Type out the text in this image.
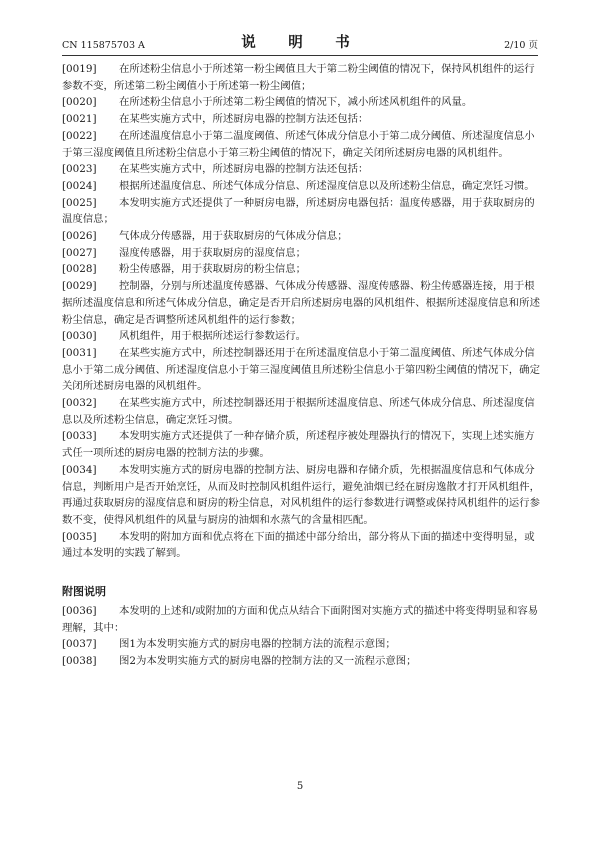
CN 115875703 A	说　明　书	2/10 页
[0019] 在所述粉尘信息小于所述第一粉尘阈值且大于第二粉尘阈值的情况下，保持风机组件的运行参数不变，所述第二粉尘阈值小于所述第一粉尘阈值；
[0020] 在所述粉尘信息小于所述第二粉尘阈值的情况下，减小所述风机组件的风量。
[0021] 在某些实施方式中，所述厨房电器的控制方法还包括：
[0022] 在所述温度信息小于第二温度阈值、所述气体成分信息小于第二成分阈值、所述湿度信息小于第三湿度阈值且所述粉尘信息小于第三粉尘阈值的情况下，确定关闭所述厨房电器的风机组件。
[0023] 在某些实施方式中，所述厨房电器的控制方法还包括：
[0024] 根据所述温度信息、所述气体成分信息、所述湿度信息以及所述粉尘信息，确定烹饪习惯。
[0025] 本发明实施方式还提供了一种厨房电器，所述厨房电器包括：温度传感器，用于获取厨房的温度信息；
[0026] 气体成分传感器，用于获取厨房的气体成分信息；
[0027] 湿度传感器，用于获取厨房的湿度信息；
[0028] 粉尘传感器，用于获取厨房的粉尘信息；
[0029] 控制器，分别与所述温度传感器、气体成分传感器、湿度传感器、粉尘传感器连接，用于根据所述温度信息和所述气体成分信息，确定是否开启所述厨房电器的风机组件、根据所述湿度信息和所述粉尘信息，确定是否调整所述风机组件的运行参数；
[0030] 风机组件，用于根据所述运行参数运行。
[0031] 在某些实施方式中，所述控制器还用于在所述温度信息小于第二温度阈值、所述气体成分信息小于第二成分阈值、所述湿度信息小于第三湿度阈值且所述粉尘信息小于第四粉尘阈值的情况下，确定关闭所述厨房电器的风机组件。
[0032] 在某些实施方式中，所述控制器还用于根据所述温度信息、所述气体成分信息、所述湿度信息以及所述粉尘信息，确定烹饪习惯。
[0033] 本发明实施方式还提供了一种存储介质，所述程序被处理器执行的情况下，实现上述实施方式任一项所述的厨房电器的控制方法的步骤。
[0034] 本发明实施方式的厨房电器的控制方法、厨房电器和存储介质，先根据温度信息和气体成分信息，判断用户是否开始烹饪，从而及时控制风机组件运行，避免油烟已经在厨房逸散才打开风机组件，再通过获取厨房的湿度信息和厨房的粉尘信息，对风机组件的运行参数进行调整或保持风机组件的运行参数不变，使得风机组件的风量与厨房的油烟和水蒸气的含量相匹配。
[0035] 本发明的附加方面和优点将在下面的描述中部分给出，部分将从下面的描述中变得明显，或通过本发明的实践了解到。
附图说明
[0036] 本发明的上述和/或附加的方面和优点从结合下面附图对实施方式的描述中将变得明显和容易理解，其中：
[0037] 图1为本发明实施方式的厨房电器的控制方法的流程示意图；
[0038] 图2为本发明实施方式的厨房电器的控制方法的又一流程示意图；
5
